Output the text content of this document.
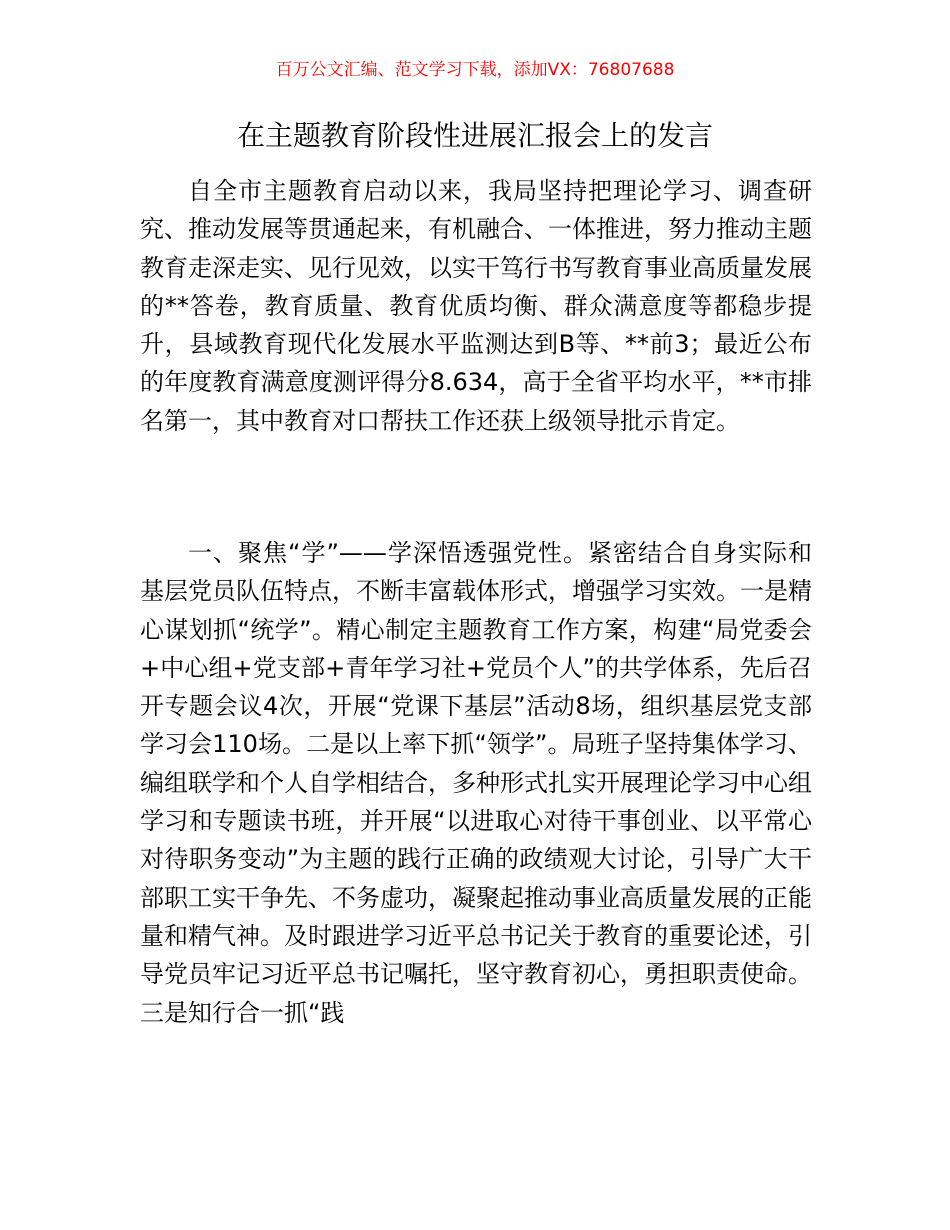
百万公文汇编、范文学习下载，添加VX：76807688
在主题教育阶段性进展汇报会上的发言

自全市主题教育启动以来，我局坚持把理论学习、调查研究、推动发展等贯通起来，有机融合、一体推进，努力推动主题教育走深走实、见行见效，以实干笃行书写教育事业高质量发展的**答卷，教育质量、教育优质均衡、群众满意度等都稳步提升，县域教育现代化发展水平监测达到B等、**前3；最近公布的年度教育满意度测评得分8.634，高于全省平均水平，**市排名第一，其中教育对口帮扶工作还获上级领导批示肯定。

一、聚焦“学”——学深悟透强党性。紧密结合自身实际和基层党员队伍特点，不断丰富载体形式，增强学习实效。一是精心谋划抓“统学”。精心制定主题教育工作方案，构建“局党委会+中心组+党支部+青年学习社+党员个人”的共学体系，先后召开专题会议4次，开展“党课下基层”活动8场，组织基层党支部学习会110场。二是以上率下抓“领学”。局班子坚持集体学习、编组联学和个人自学相结合，多种形式扎实开展理论学习中心组学习和专题读书班，并开展“以进取心对待干事创业、以平常心对待职务变动”为主题的践行正确的政绩观大讨论，引导广大干部职工实干争先、不务虚功，凝聚起推动事业高质量发展的正能量和精气神。及时跟进学习近平总书记关于教育的重要论述，引导党员牢记习近平总书记嘱托，坚守教育初心，勇担职责使命。三是知行合一抓“践
